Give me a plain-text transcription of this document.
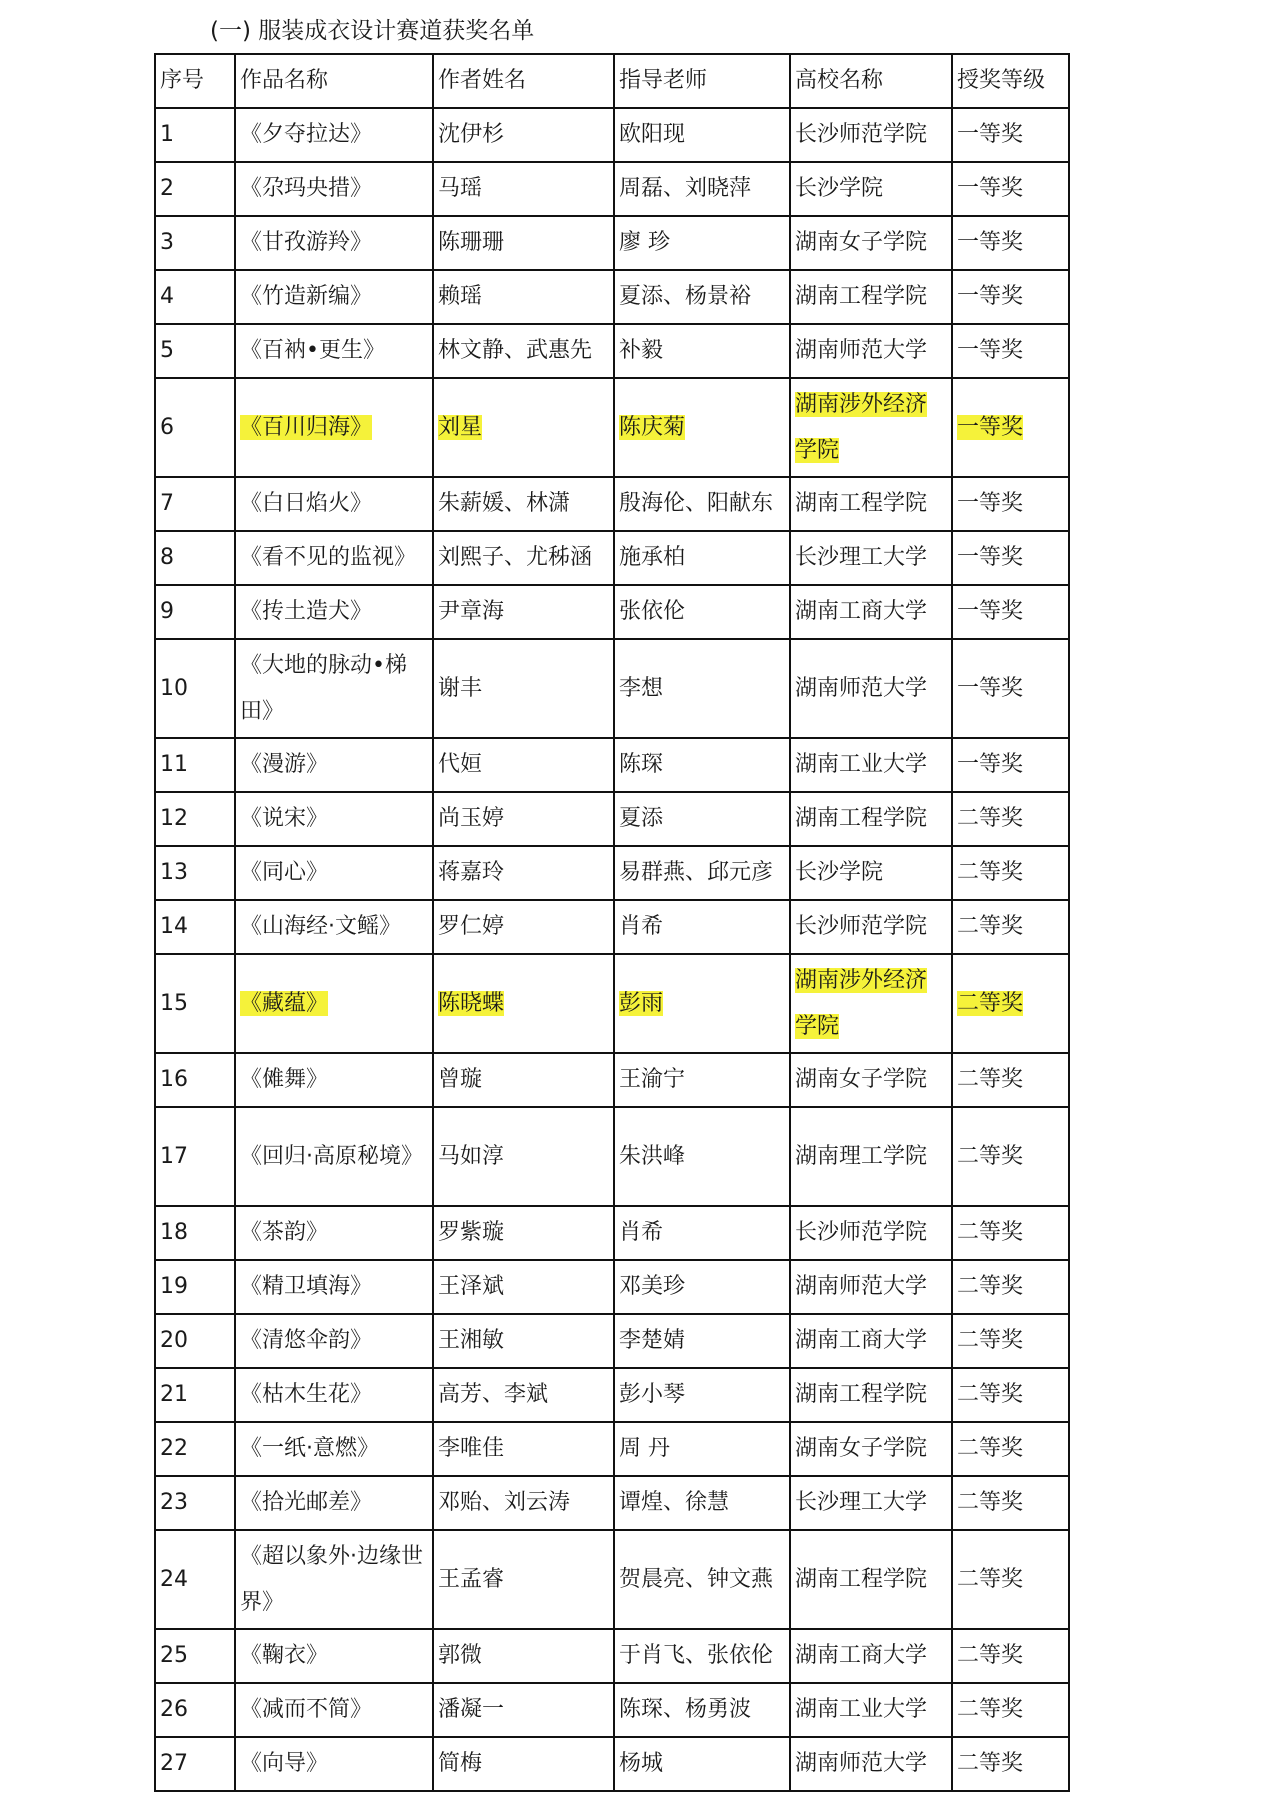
(一) 服装成衣设计赛道获奖名单
序号	作品名称	作者姓名	指导老师	高校名称	授奖等级
1	《夕夺拉达》	沈伊杉	欧阳现	长沙师范学院	一等奖
2	《尕玛央措》	马瑶	周磊、刘晓萍	长沙学院	一等奖
3	《甘孜游羚》	陈珊珊	廖 珍	湖南女子学院	一等奖
4	《竹造新编》	赖瑶	夏添、杨景裕	湖南工程学院	一等奖
5	《百衲•更生》	林文静、武惠先	补毅	湖南师范大学	一等奖
6	《百川归海》	刘星	陈庆菊	湖南涉外经济学院	一等奖
7	《白日焰火》	朱薪媛、林潇	殷海伦、阳献东	湖南工程学院	一等奖
8	《看不见的监视》	刘熙子、尤秭涵	施承柏	长沙理工大学	一等奖
9	《抟土造犬》	尹章海	张依伦	湖南工商大学	一等奖
10	《大地的脉动•梯田》	谢丰	李想	湖南师范大学	一等奖
11	《漫游》	代姮	陈琛	湖南工业大学	一等奖
12	《说宋》	尚玉婷	夏添	湖南工程学院	二等奖
13	《同心》	蒋嘉玲	易群燕、邱元彦	长沙学院	二等奖
14	《山海经·文鳐》	罗仁婷	肖希	长沙师范学院	二等奖
15	《藏蕴》	陈晓蝶	彭雨	湖南涉外经济学院	二等奖
16	《傩舞》	曾璇	王渝宁	湖南女子学院	二等奖
17	《回归·高原秘境》	马如淳	朱洪峰	湖南理工学院	二等奖
18	《茶韵》	罗紫璇	肖希	长沙师范学院	二等奖
19	《精卫填海》	王泽斌	邓美珍	湖南师范大学	二等奖
20	《清悠伞韵》	王湘敏	李楚婧	湖南工商大学	二等奖
21	《枯木生花》	高芳、李斌	彭小琴	湖南工程学院	二等奖
22	《一纸·意燃》	李唯佳	周 丹	湖南女子学院	二等奖
23	《拾光邮差》	邓贻、刘云涛	谭煌、徐慧	长沙理工大学	二等奖
24	《超以象外·边缘世界》	王孟睿	贺晨亮、钟文燕	湖南工程学院	二等奖
25	《鞠衣》	郭微	于肖飞、张依伦	湖南工商大学	二等奖
26	《减而不简》	潘凝一	陈琛、杨勇波	湖南工业大学	二等奖
27	《向导》	简梅	杨城	湖南师范大学	二等奖
